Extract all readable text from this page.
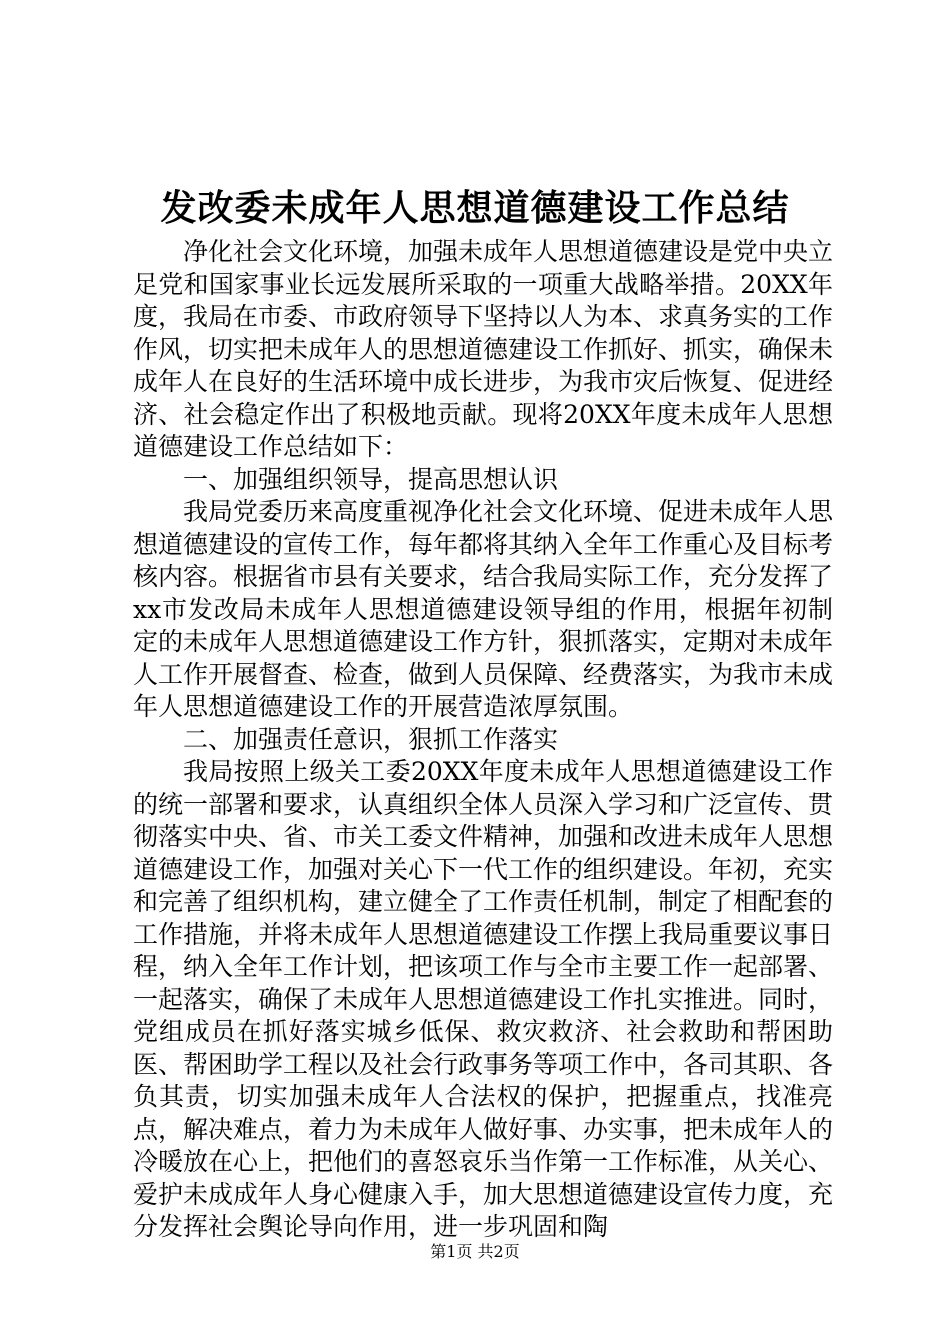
发改委未成年人思想道德建设工作总结

净化社会文化环境，加强未成年人思想道德建设是党中央立足党和国家事业长远发展所采取的一项重大战略举措。20XX年度，我局在市委、市政府领导下坚持以人为本、求真务实的工作作风，切实把未成年人的思想道德建设工作抓好、抓实，确保未成年人在良好的生活环境中成长进步，为我市灾后恢复、促进经济、社会稳定作出了积极地贡献。现将20XX年度未成年人思想道德建设工作总结如下：

一、加强组织领导，提高思想认识

我局党委历来高度重视净化社会文化环境、促进未成年人思想道德建设的宣传工作，每年都将其纳入全年工作重心及目标考核内容。根据省市县有关要求，结合我局实际工作，充分发挥了xx市发改局未成年人思想道德建设领导组的作用，根据年初制定的未成年人思想道德建设工作方针，狠抓落实，定期对未成年人工作开展督查、检查，做到人员保障、经费落实，为我市未成年人思想道德建设工作的开展营造浓厚氛围。

二、加强责任意识，狠抓工作落实

我局按照上级关工委20XX年度未成年人思想道德建设工作的统一部署和要求，认真组织全体人员深入学习和广泛宣传、贯彻落实中央、省、市关工委文件精神，加强和改进未成年人思想道德建设工作，加强对关心下一代工作的组织建设。年初，充实和完善了组织机构，建立健全了工作责任机制，制定了相配套的工作措施，并将未成年人思想道德建设工作摆上我局重要议事日程，纳入全年工作计划，把该项工作与全市主要工作一起部署、一起落实，确保了未成年人思想道德建设工作扎实推进。同时，党组成员在抓好落实城乡低保、救灾救济、社会救助和帮困助医、帮困助学工程以及社会行政事务等项工作中，各司其职、各负其责，切实加强未成年人合法权的保护，把握重点，找准亮点，解决难点，着力为未成年人做好事、办实事，把未成年人的冷暖放在心上，把他们的喜怒哀乐当作第一工作标准，从关心、爱护未成成年人身心健康入手，加大思想道德建设宣传力度，充分发挥社会舆论导向作用，进一步巩固和陶

第1页 共2页
